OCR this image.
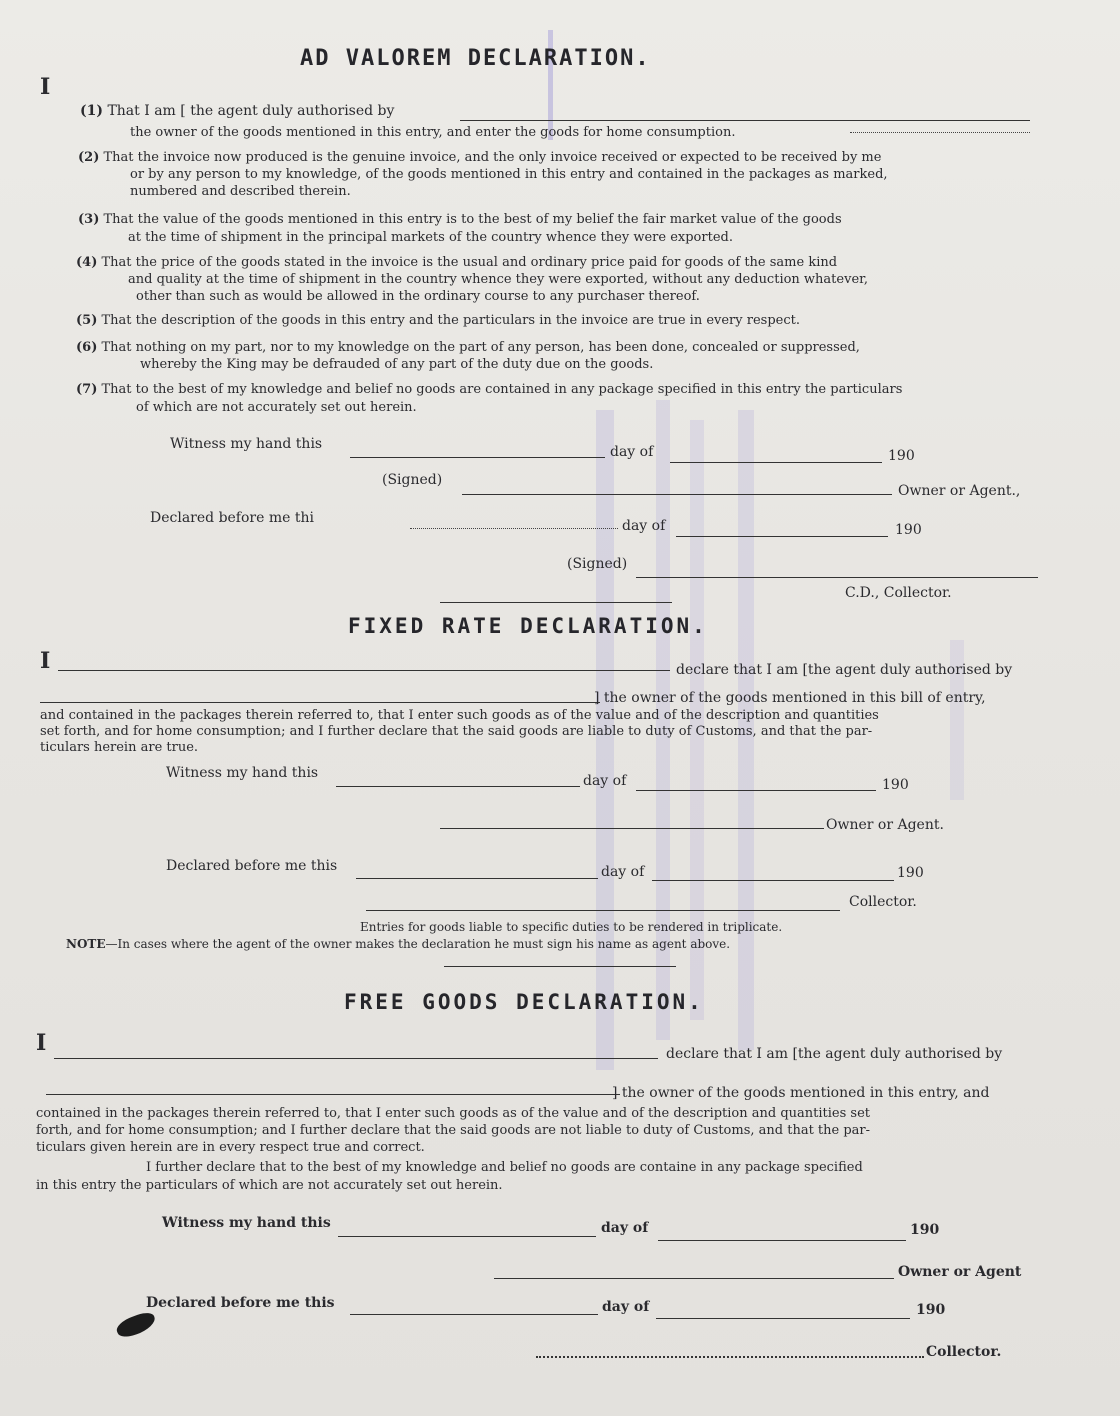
AD VALOREM DECLARATION.
I
(1) That I am [ the agent duly authorised by
the owner of the goods mentioned in this entry, and enter the goods for home consumption.
(2) That the invoice now produced is the genuine invoice, and the only invoice received or expected to be received by me
or by any person to my knowledge, of the goods mentioned in this entry and contained in the packages as marked,
numbered and described therein.
(3) That the value of the goods mentioned in this entry is to the best of my belief the fair market value of the goods
at the time of shipment in the principal markets of the country whence they were exported.
(4) That the price of the goods stated in the invoice is the usual and ordinary price paid for goods of the same kind
and quality at the time of shipment in the country whence they were exported, without any deduction whatever,
other than such as would be allowed in the ordinary course to any purchaser thereof.
(5) That the description of the goods in this entry and the particulars in the invoice are true in every respect.
(6) That nothing on my part, nor to my knowledge on the part of any person, has been done, concealed or suppressed,
whereby the King may be defrauded of any part of the duty due on the goods.
(7) That to the best of my knowledge and belief no goods are contained in any package specified in this entry the particulars
of which are not accurately set out herein.
Witness my hand this	day of	190
(Signed)
Owner or Agent.,
Declared before me thi	day of	190
(Signed)
C.D., Collector.
FIXED RATE DECLARATION.
I	declare that I am [the agent duly authorised by
] the owner of the goods mentioned in this bill of entry,
and contained in the packages therein referred to, that I enter such goods as of the value and of the description and quantities
set forth, and for home consumption; and I further declare that the said goods are liable to duty of Customs, and that the par-
ticulars herein are true.
Witness my hand this	day of	190
Owner or Agent.
Declared before me this	day of	190
Collector.
Entries for goods liable to specific duties to be rendered in triplicate.
NOTE—In cases where the agent of the owner makes the declaration he must sign his name as agent above.
FREE GOODS DECLARATION.
I	declare that I am [the agent duly authorised by
] the owner of the goods mentioned in this entry, and
contained in the packages therein referred to, that I enter such goods as of the value and of the description and quantities set
forth, and for home consumption; and I further declare that the said goods are not liable to duty of Customs, and that the par-
ticulars given herein are in every respect true and correct.
I further declare that to the best of my knowledge and belief no goods are containe in any package specified
in this entry the particulars of which are not accurately set out herein.
Witness my hand this	day of	190
Owner or Agent
Declared before me this	day of	190
Collector.
